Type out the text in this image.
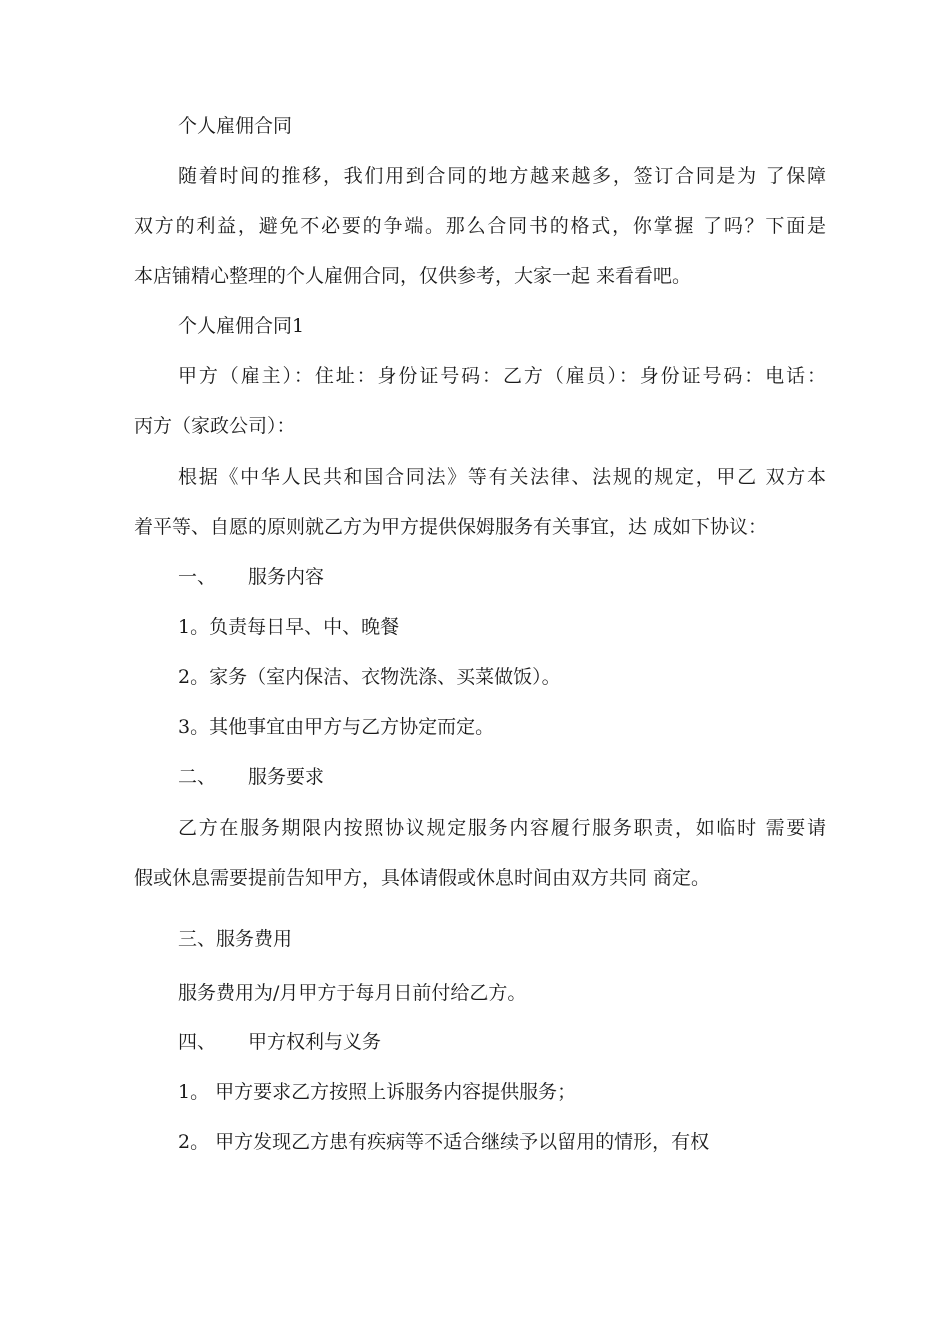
个人雇佣合同
随着时间的推移，我们用到合同的地方越来越多，签订合同是为 了保障
双方的利益，避免不必要的争端。那么合同书的格式，你掌握 了吗？下面是
本店铺精心整理的个人雇佣合同，仅供参考，大家一起 来看看吧。
个人雇佣合同1
甲方（雇主）：住址：身份证号码：乙方（雇员）：身份证号码：电话：
丙方（家政公司）：
根据《中华人民共和国合同法》等有关法律、法规的规定，甲乙 双方本
着平等、自愿的原则就乙方为甲方提供保姆服务有关事宜，达 成如下协议：
一、 服务内容
1。负责每日早、中、晚餐
2。家务（室内保洁、衣物洗涤、买菜做饭）。
3。其他事宜由甲方与乙方协定而定。
二、 服务要求
乙方在服务期限内按照协议规定服务内容履行服务职责，如临时 需要请
假或休息需要提前告知甲方，具体请假或休息时间由双方共同 商定。
三、服务费用
服务费用为/月甲方于每月日前付给乙方。
四、 甲方权利与义务
1。 甲方要求乙方按照上诉服务内容提供服务；
2。 甲方发现乙方患有疾病等不适合继续予以留用的情形，有权
